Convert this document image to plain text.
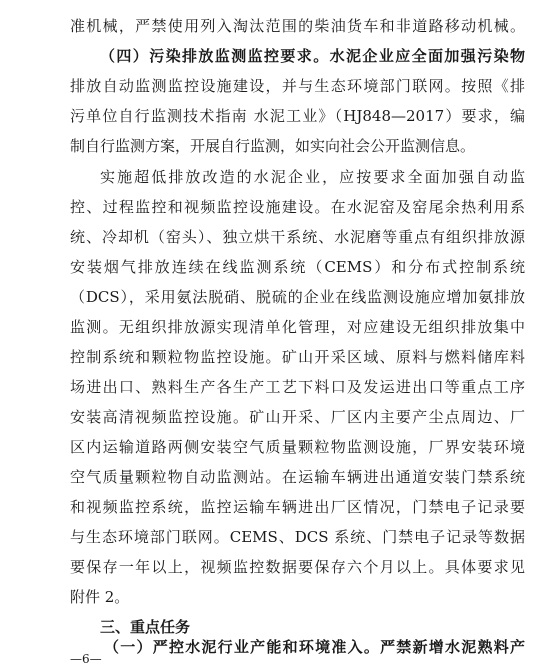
准机械，严禁使用列入淘汰范围的柴油货车和非道路移动机械。
（四）污染排放监测监控要求。水泥企业应全面加强污染物
排放自动监测监控设施建设，并与生态环境部门联网。按照《排
污单位自行监测技术指南 水泥工业》（HJ848—2017）要求，编
制自行监测方案，开展自行监测，如实向社会公开监测信息。
实施超低排放改造的水泥企业，应按要求全面加强自动监
控、过程监控和视频监控设施建设。在水泥窑及窑尾余热利用系
统、冷却机（窑头）、独立烘干系统、水泥磨等重点有组织排放源
安装烟气排放连续在线监测系统（CEMS）和分布式控制系统
（DCS），采用氨法脱硝、脱硫的企业在线监测设施应增加氨排放
监测。无组织排放源实现清单化管理，对应建设无组织排放集中
控制系统和颗粒物监控设施。矿山开采区域、原料与燃料储库料
场进出口、熟料生产各生产工艺下料口及发运进出口等重点工序
安装高清视频监控设施。矿山开采、厂区内主要产尘点周边、厂
区内运输道路两侧安装空气质量颗粒物监测设施，厂界安装环境
空气质量颗粒物自动监测站。在运输车辆进出通道安装门禁系统
和视频监控系统，监控运输车辆进出厂区情况，门禁电子记录要
与生态环境部门联网。CEMS、DCS 系统、门禁电子记录等数据
要保存一年以上，视频监控数据要保存六个月以上。具体要求见
附件 2。
三、重点任务
（一）严控水泥行业产能和环境准入。严禁新增水泥熟料产
—6—
